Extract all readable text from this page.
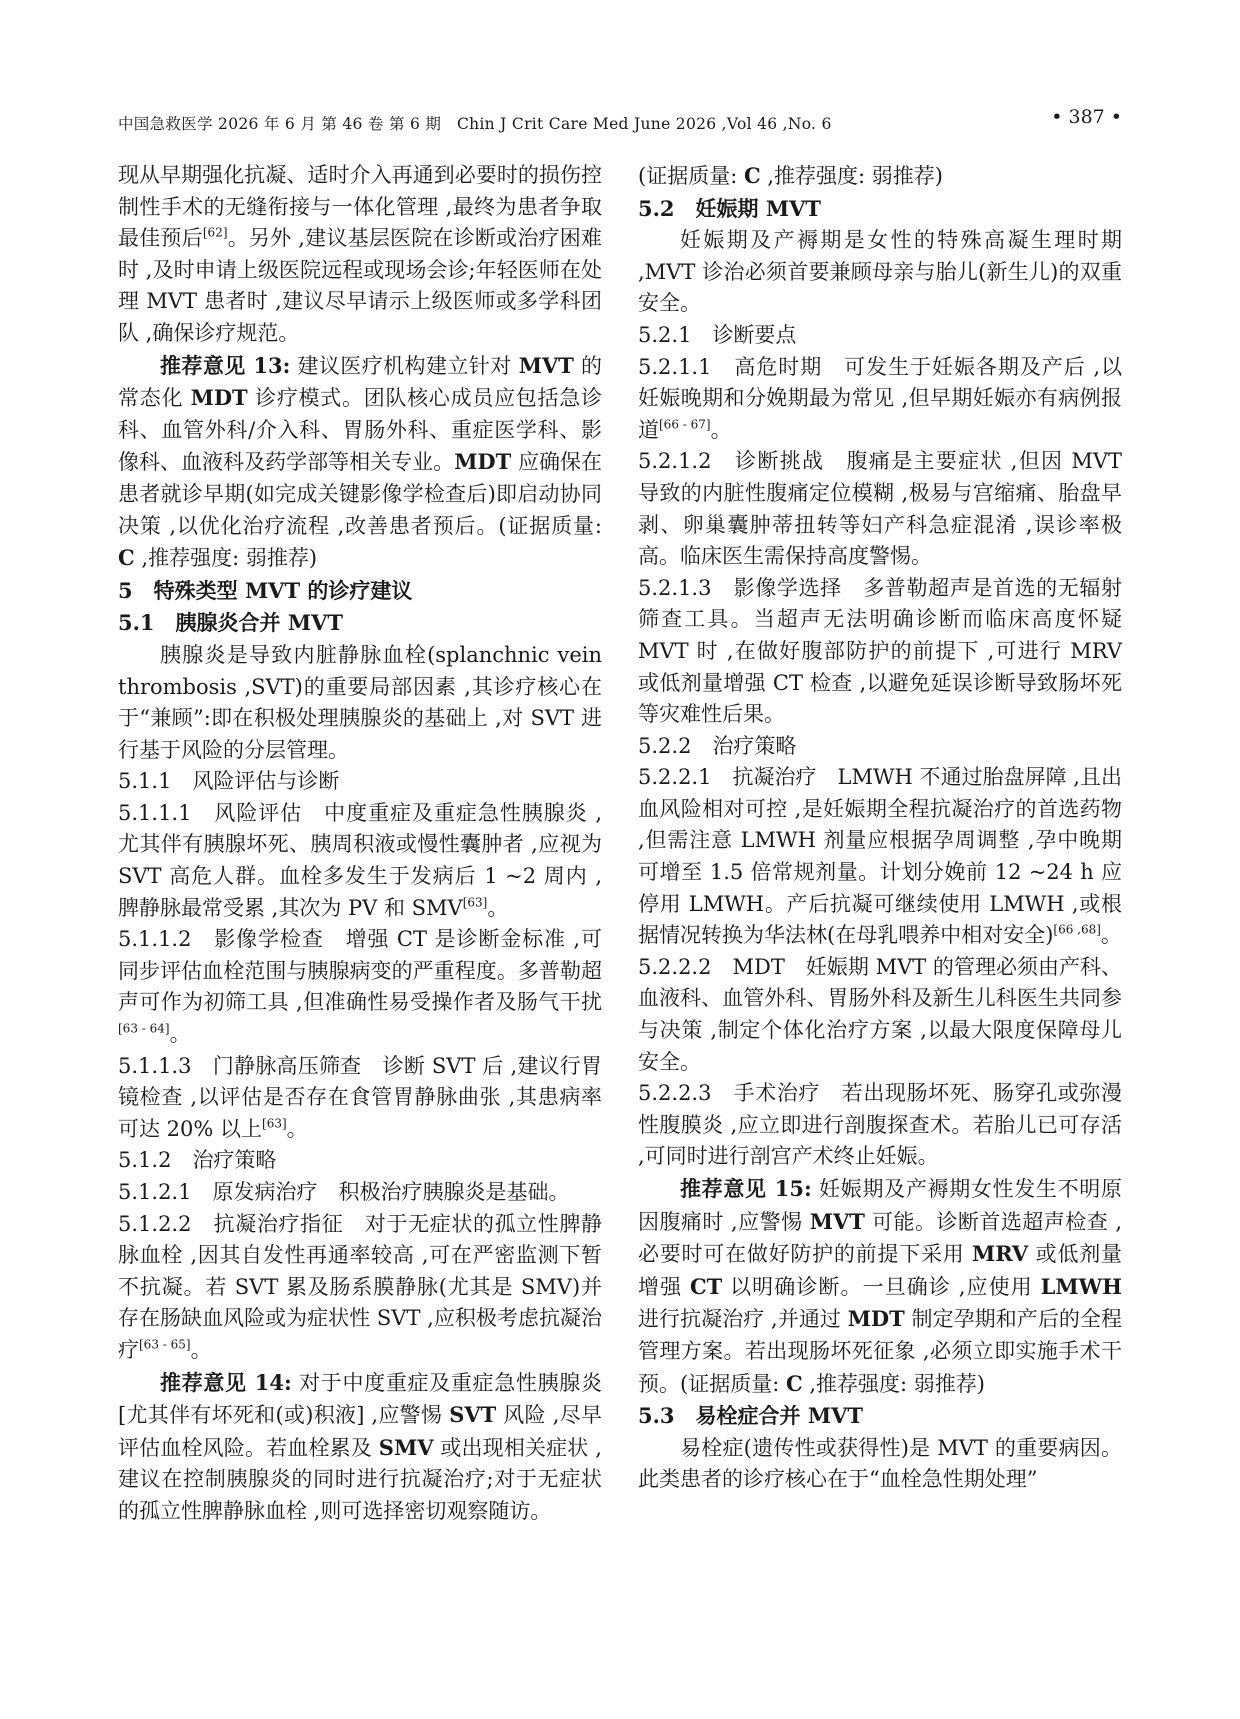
中国急救医学 2026 年 6 月 第 46 卷 第 6 期　Chin J Crit Care Med June 2026 ,Vol 46 ,No. 6	• 387 •

现从早期强化抗凝、适时介入再通到必要时的损伤控制性手术的无缝衔接与一体化管理 ,最终为患者争取最佳预后[62]。另外 ,建议基层医院在诊断或治疗困难时 ,及时申请上级医院远程或现场会诊;年轻医师在处理 MVT 患者时 ,建议尽早请示上级医师或多学科团队 ,确保诊疗规范。

推荐意见 13: 建议医疗机构建立针对 MVT 的常态化 MDT 诊疗模式。团队核心成员应包括急诊科、血管外科/介入科、胃肠外科、重症医学科、影像科、血液科及药学部等相关专业。MDT 应确保在患者就诊早期(如完成关键影像学检查后)即启动协同决策 ,以优化治疗流程 ,改善患者预后。(证据质量: C ,推荐强度: 弱推荐)

5 特殊类型 MVT 的诊疗建议

5.1 胰腺炎合并 MVT

胰腺炎是导致内脏静脉血栓(splanchnic vein thrombosis ,SVT)的重要局部因素 ,其诊疗核心在于“兼顾”:即在积极处理胰腺炎的基础上 ,对 SVT 进行基于风险的分层管理。

5.1.1 风险评估与诊断

5.1.1.1　风险评估　中度重症及重症急性胰腺炎 ,尤其伴有胰腺坏死、胰周积液或慢性囊肿者 ,应视为 SVT 高危人群。血栓多发生于发病后 1 ~2 周内 ,脾静脉最常受累 ,其次为 PV 和 SMV[63]。

5.1.1.2　影像学检查　增强 CT 是诊断金标准 ,可同步评估血栓范围与胰腺病变的严重程度。多普勒超声可作为初筛工具 ,但准确性易受操作者及肠气干扰[63 - 64]。

5.1.1.3　门静脉高压筛查　诊断 SVT 后 ,建议行胃镜检查 ,以评估是否存在食管胃静脉曲张 ,其患病率可达 20% 以上[63]。

5.1.2 治疗策略

5.1.2.1　原发病治疗　积极治疗胰腺炎是基础。

5.1.2.2　抗凝治疗指征　对于无症状的孤立性脾静脉血栓 ,因其自发性再通率较高 ,可在严密监测下暂不抗凝。若 SVT 累及肠系膜静脉(尤其是 SMV)并存在肠缺血风险或为症状性 SVT ,应积极考虑抗凝治疗[63 - 65]。

推荐意见 14: 对于中度重症及重症急性胰腺炎[尤其伴有坏死和(或)积液] ,应警惕 SVT 风险 ,尽早评估血栓风险。若血栓累及 SMV 或出现相关症状 ,建议在控制胰腺炎的同时进行抗凝治疗;对于无症状的孤立性脾静脉血栓 ,则可选择密切观察随访。

(证据质量: C ,推荐强度: 弱推荐)

5.2 妊娠期 MVT

妊娠期及产褥期是女性的特殊高凝生理时期 ,MVT 诊治必须首要兼顾母亲与胎儿(新生儿)的双重安全。

5.2.1 诊断要点

5.2.1.1　高危时期　可发生于妊娠各期及产后 ,以妊娠晚期和分娩期最为常见 ,但早期妊娠亦有病例报道[66 - 67]。

5.2.1.2　诊断挑战　腹痛是主要症状 ,但因 MVT 导致的内脏性腹痛定位模糊 ,极易与宫缩痛、胎盘早剥、卵巢囊肿蒂扭转等妇产科急症混淆 ,误诊率极高。临床医生需保持高度警惕。

5.2.1.3　影像学选择　多普勒超声是首选的无辐射筛查工具。当超声无法明确诊断而临床高度怀疑 MVT 时 ,在做好腹部防护的前提下 ,可进行 MRV 或低剂量增强 CT 检查 ,以避免延误诊断导致肠坏死等灾难性后果。

5.2.2 治疗策略

5.2.2.1　抗凝治疗　LMWH 不通过胎盘屏障 ,且出血风险相对可控 ,是妊娠期全程抗凝治疗的首选药物 ,但需注意 LMWH 剂量应根据孕周调整 ,孕中晚期可增至 1.5 倍常规剂量。计划分娩前 12 ~24 h 应停用 LMWH。产后抗凝可继续使用 LMWH ,或根据情况转换为华法林(在母乳喂养中相对安全)[66 ,68]。

5.2.2.2　MDT　妊娠期 MVT 的管理必须由产科、血液科、血管外科、胃肠外科及新生儿科医生共同参与决策 ,制定个体化治疗方案 ,以最大限度保障母儿安全。

5.2.2.3　手术治疗　若出现肠坏死、肠穿孔或弥漫性腹膜炎 ,应立即进行剖腹探查术。若胎儿已可存活 ,可同时进行剖宫产术终止妊娠。

推荐意见 15: 妊娠期及产褥期女性发生不明原因腹痛时 ,应警惕 MVT 可能。诊断首选超声检查 ,必要时可在做好防护的前提下采用 MRV 或低剂量增强 CT 以明确诊断。一旦确诊 ,应使用 LMWH 进行抗凝治疗 ,并通过 MDT 制定孕期和产后的全程管理方案。若出现肠坏死征象 ,必须立即实施手术干预。(证据质量: C ,推荐强度: 弱推荐)

5.3 易栓症合并 MVT

易栓症(遗传性或获得性)是 MVT 的重要病因。此类患者的诊疗核心在于“血栓急性期处理”
